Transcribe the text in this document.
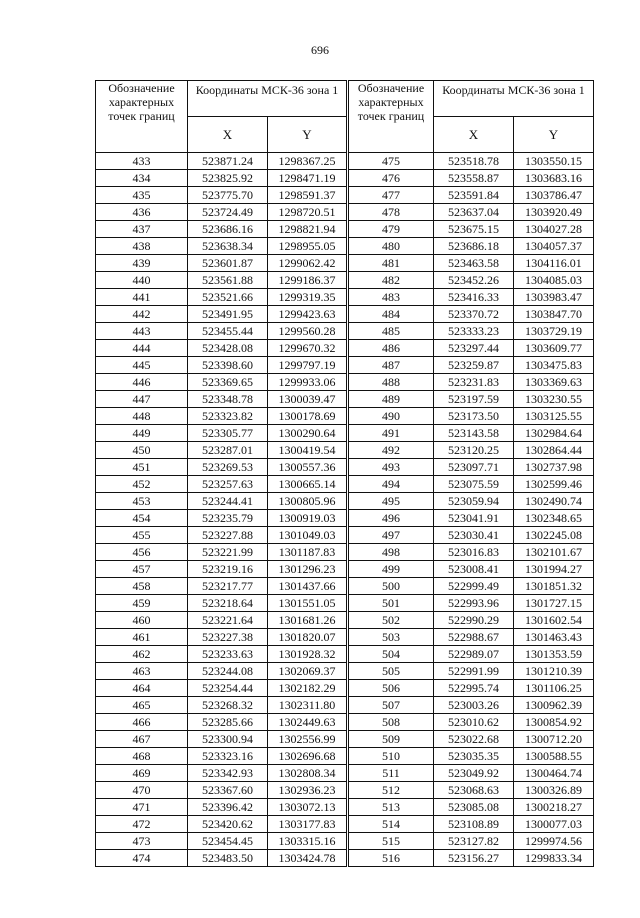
696
Обозначение характерных точек границ	Координаты МСК-36 зона 1	
	X	Y
433	523871.24	1298367.25
434	523825.92	1298471.19
435	523775.70	1298591.37
436	523724.49	1298720.51
437	523686.16	1298821.94
438	523638.34	1298955.05
439	523601.87	1299062.42
440	523561.88	1299186.37
441	523521.66	1299319.35
442	523491.95	1299423.63
443	523455.44	1299560.28
444	523428.08	1299670.32
445	523398.60	1299797.19
446	523369.65	1299933.06
447	523348.78	1300039.47
448	523323.82	1300178.69
449	523305.77	1300290.64
450	523287.01	1300419.54
451	523269.53	1300557.36
452	523257.63	1300665.14
453	523244.41	1300805.96
454	523235.79	1300919.03
455	523227.88	1301049.03
456	523221.99	1301187.83
457	523219.16	1301296.23
458	523217.77	1301437.66
459	523218.64	1301551.05
460	523221.64	1301681.26
461	523227.38	1301820.07
462	523233.63	1301928.32
463	523244.08	1302069.37
464	523254.44	1302182.29
465	523268.32	1302311.80
466	523285.66	1302449.63
467	523300.94	1302556.99
468	523323.16	1302696.68
469	523342.93	1302808.34
470	523367.60	1302936.23
471	523396.42	1303072.13
472	523420.62	1303177.83
473	523454.45	1303315.16
474	523483.50	1303424.78
Обозначение характерных точек границ	Координаты МСК-36 зона 1	
	X	Y
475	523518.78	1303550.15
476	523558.87	1303683.16
477	523591.84	1303786.47
478	523637.04	1303920.49
479	523675.15	1304027.28
480	523686.18	1304057.37
481	523463.58	1304116.01
482	523452.26	1304085.03
483	523416.33	1303983.47
484	523370.72	1303847.70
485	523333.23	1303729.19
486	523297.44	1303609.77
487	523259.87	1303475.83
488	523231.83	1303369.63
489	523197.59	1303230.55
490	523173.50	1303125.55
491	523143.58	1302984.64
492	523120.25	1302864.44
493	523097.71	1302737.98
494	523075.59	1302599.46
495	523059.94	1302490.74
496	523041.91	1302348.65
497	523030.41	1302245.08
498	523016.83	1302101.67
499	523008.41	1301994.27
500	522999.49	1301851.32
501	522993.96	1301727.15
502	522990.29	1301602.54
503	522988.67	1301463.43
504	522989.07	1301353.59
505	522991.99	1301210.39
506	522995.74	1301106.25
507	523003.26	1300962.39
508	523010.62	1300854.92
509	523022.68	1300712.20
510	523035.35	1300588.55
511	523049.92	1300464.74
512	523068.63	1300326.89
513	523085.08	1300218.27
514	523108.89	1300077.03
515	523127.82	1299974.56
516	523156.27	1299833.34
